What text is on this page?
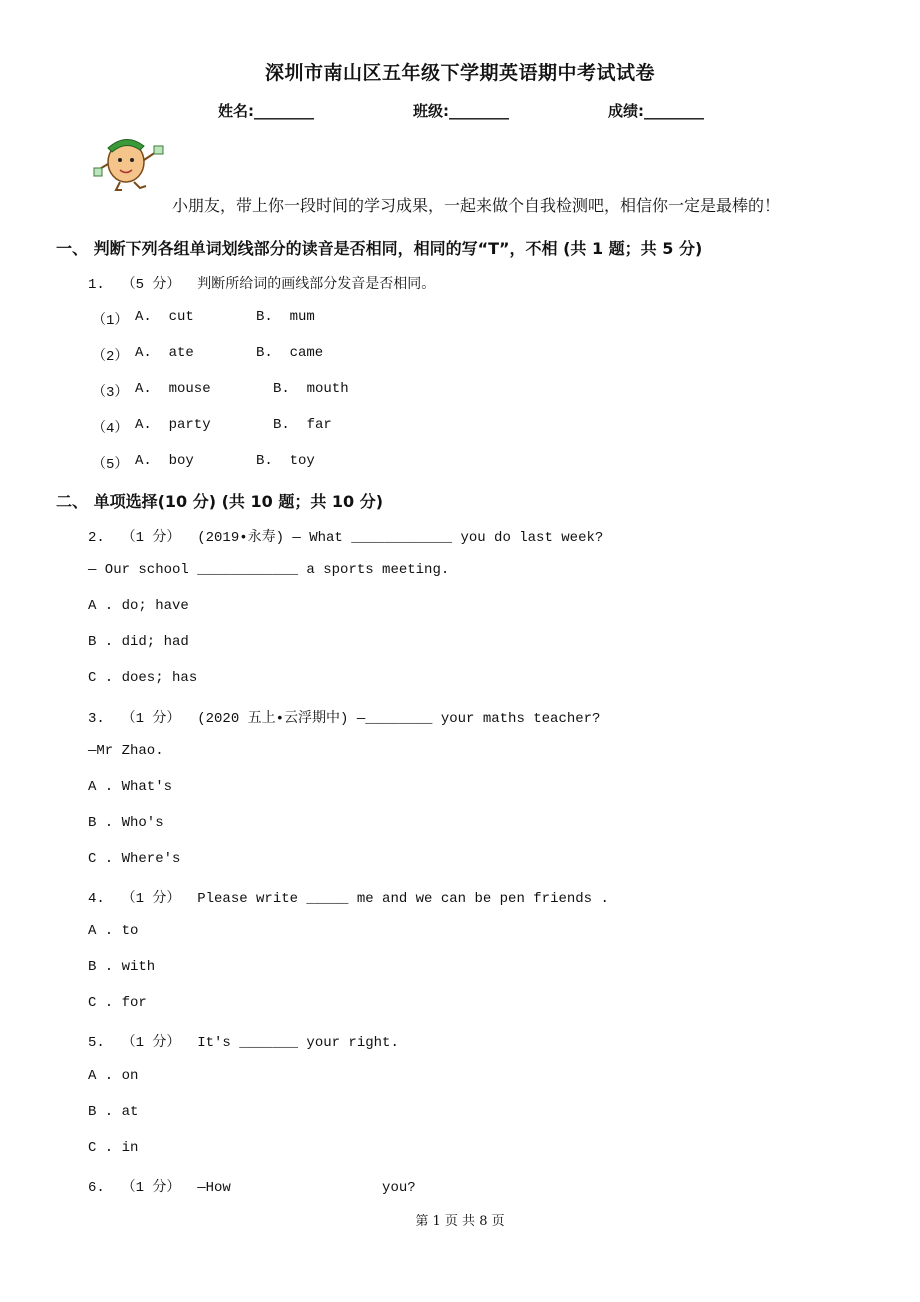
深圳市南山区五年级下学期英语期中考试试卷
姓名:________	班级:________	成绩:________
小朋友，带上你一段时间的学习成果，一起来做个自我检测吧，相信你一定是最棒的！
一、 判断下列各组单词划线部分的读音是否相同，相同的写“T”，不相 (共 1 题；共 5 分)
1.  （5 分）  判断所给词的画线部分发音是否相同。
（1） A.  cut	B.  mum
（2） A.  ate	B.  came
（3） A.  mouse	B.  mouth
（4） A.  party	B.  far
（5） A.  boy	B.  toy
二、 单项选择(10 分) (共 10 题；共 10 分)
2.  （1 分）  (2019•永寿) — What ____________ you do last week?
— Our school ____________ a sports meeting.
A . do; have
B . did; had
C . does; has
3.  （1 分）  (2020 五上•云浮期中) —________ your maths teacher?
—Mr Zhao.
A . What's
B . Who's
C . Where's
4.  （1 分）  Please write _____ me and we can be pen friends .
A . to
B . with
C . for
5.  （1 分）  It's _______ your right.
A . on
B . at
C . in
6.  （1 分）  —How                  you?
第 1 页 共 8 页
